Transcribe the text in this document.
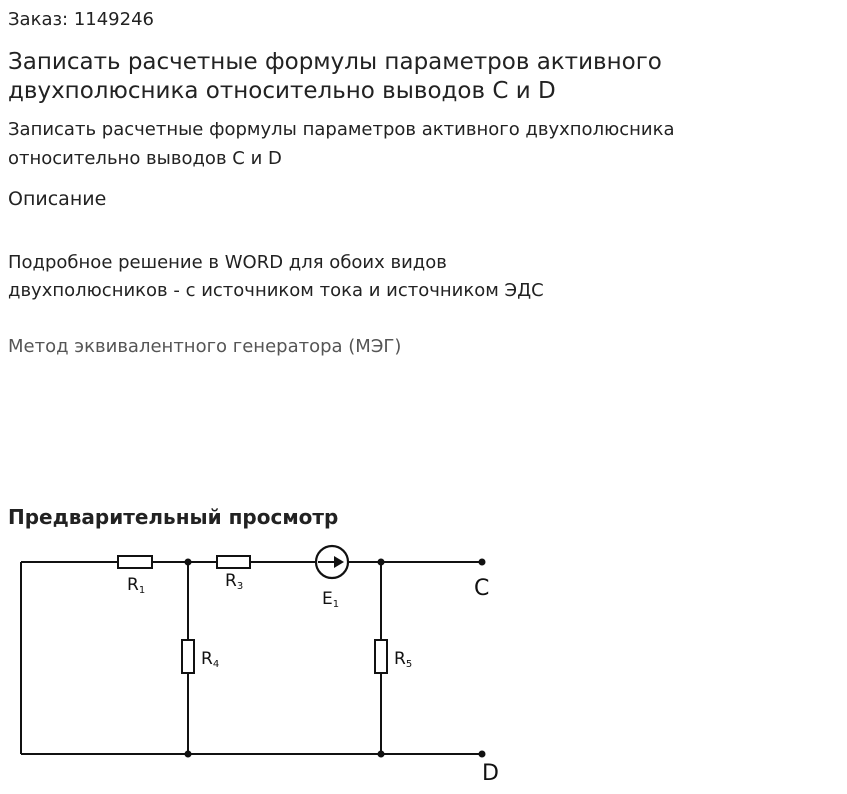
Заказ: 1149246
Записать расчетные формулы параметров активного двухполюсника относительно выводов C и D
Записать расчетные формулы параметров активного двухполюсника относительно выводов C и D
Описание
Подробное решение в WORD для обоих видов
двухполюсников - с источником тока и источником ЭДС
Метод эквивалентного генератора (МЭГ)
Предварительный просмотр
R1	R3
E1
R4	R5
C
D
